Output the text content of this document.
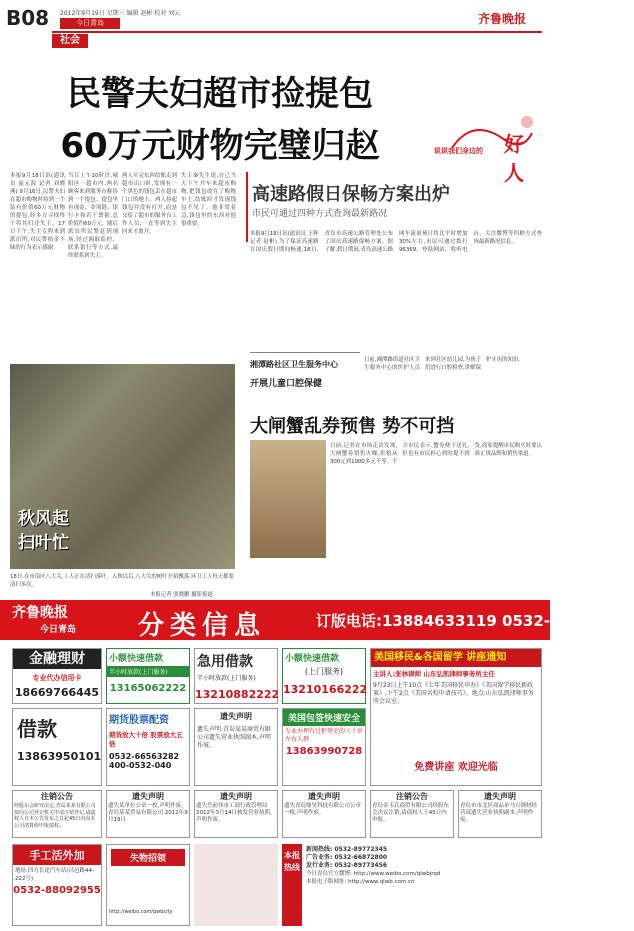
B08 2012年9月19日 星期三 编辑 赵彬 校对 刘云
今日青岛
社会
齐鲁晚报
民警夫妇超市捡提包
60万元财物完璧归赵	说说我们身边的 好人
本报9月18日讯(通讯员 庞元海 记者 刘晓燕) 9月16日,民警夫妇在超市购物时捡到一个装有价值60万元财物的提包,经多方寻找终于将其归还失主。17日下午,失主专程来到派出所,对民警拾金不昧的行为表示感谢。
当日上午10时许,城阳区一超市内,两名顾客来到服务台称捡到一个提包。提包里有现金、金项链、银行卡和若干票据,总价值约60万元。随后派出所民警赶到现场,经过调取监控、联系银行等方式,最终联系到失主。
两人买完东西结账走到超市出口时,发现有一个黑色的钱包丢在超市门口的地上。两人捡起钱包并没有打开,而是交给了超市的服务台工作人员,一直等到失主回来才离开。
失主秦先生说,自己当天下午开车来超市购物,把钱包放在了购物车上,结账时才发现钱包不见了。他非常着急,钱包里的东西对他很重要。
高速路假日保畅方案出炉
市民可通过四种方式查询最新路况
本报9月18日讯(通讯员 王辉 记者 赵彬) 为了保证高速路在国庆假日期间畅通,18日,青岛市高速公路管理处公布了国庆高速路保畅方案。据了解,假日期间,青岛高速公路网车流量预计将比平时增加30%左右,市民可通过拨打96369、登陆网站、收听电台、关注微博等四种方式查询最新路况信息。
湘潭路社区卫生服务中心
开展儿童口腔保健
日前,湘潭路街道社区卫生服务中心的医护人员来到社区幼儿园,为孩子们进行口腔检查,讲解保护牙齿的知识。
大闸蟹乱券预售 势不可挡
日前,记者在市场走访发现,大闸蟹券销售火爆,价格从300元到1000多元不等。不少市民表示,蟹券便于送礼,但也有市民担心到时提不到货,商家提醒市民购买时要认准正规品牌和销售渠道。
秋风起
扫叶忙
18日,在市南区八大关,工人正在清扫落叶。入秋以后,八大关的树叶开始飘落,环卫工人每天都要清扫多次。
本报记者 张晓鹏 摄影报道
齐鲁晚报
今日青岛	分类信息	订版电话:13884633119 0532-81186679
金融理财
专业代办信用卡
18669766445
小额快速借款
半小时放款(上门服务)
13165062222
急用借款
半小时放款(上门服务)
13210882222
小额快速借款
(上门服务)
13210166222
美国移民&各国留学 讲座通知
主讲人:张林律师 山东弘凯律师事务所主任
9月23日上午10点《七年美国移民申办》《美国留学移民新政策》,下午2点《美国名校申请技巧》。地点:山东弘凯律师事务所会议室。
免费讲座 欢迎光临
借款
13863950101
期货股票配资
期货放大十倍 股票放大五倍
0532-66563282 400-0532-040
遗失声明
遗失声明:青岛某某商贸有限公司遗失营业执照副本,声明作废。
美国包签快速安全
专业办理有过拒签史的三十岁左右人群
13863990728
注销公告
经股东会研究决定,青岛某某有限公司拟向公司登记机关申请注销登记,请债权人自本公告发布之日起45日内向本公司清算组申报债权。
遗失声明
遗失某单位公章一枚,声明作废。青岛某某贸易有限公司 2012年9月19日
遗失声明
遗失岳前伟市工商行政管理局2012年3月14日核发营业执照,声明作废。
遗失声明
遗失青岛鼎昊科技有限公司公章一枚,声明作废。
注销公告
青岛金韦氏商贸有限公司经股东会决议注销,请债权人于45日内申报。
遗失声明
青岛市市北区商品单马兴钢材经营部遗失营业执照副本,声明作废。
手工活外加
地址:四方长途汽车站(昌邑路44-222号)
0532-88092955
失物招领
http://weibo.com/qwbcity
本报热线
新闻热线: 0532-89772345
广告业务: 0532-66872800
发行业务: 0532-89773456
今日青岛官方微博: http://www.weibo.com/qlwbjrqd
本报电子版网址: http://www.qlwb.com.cn
